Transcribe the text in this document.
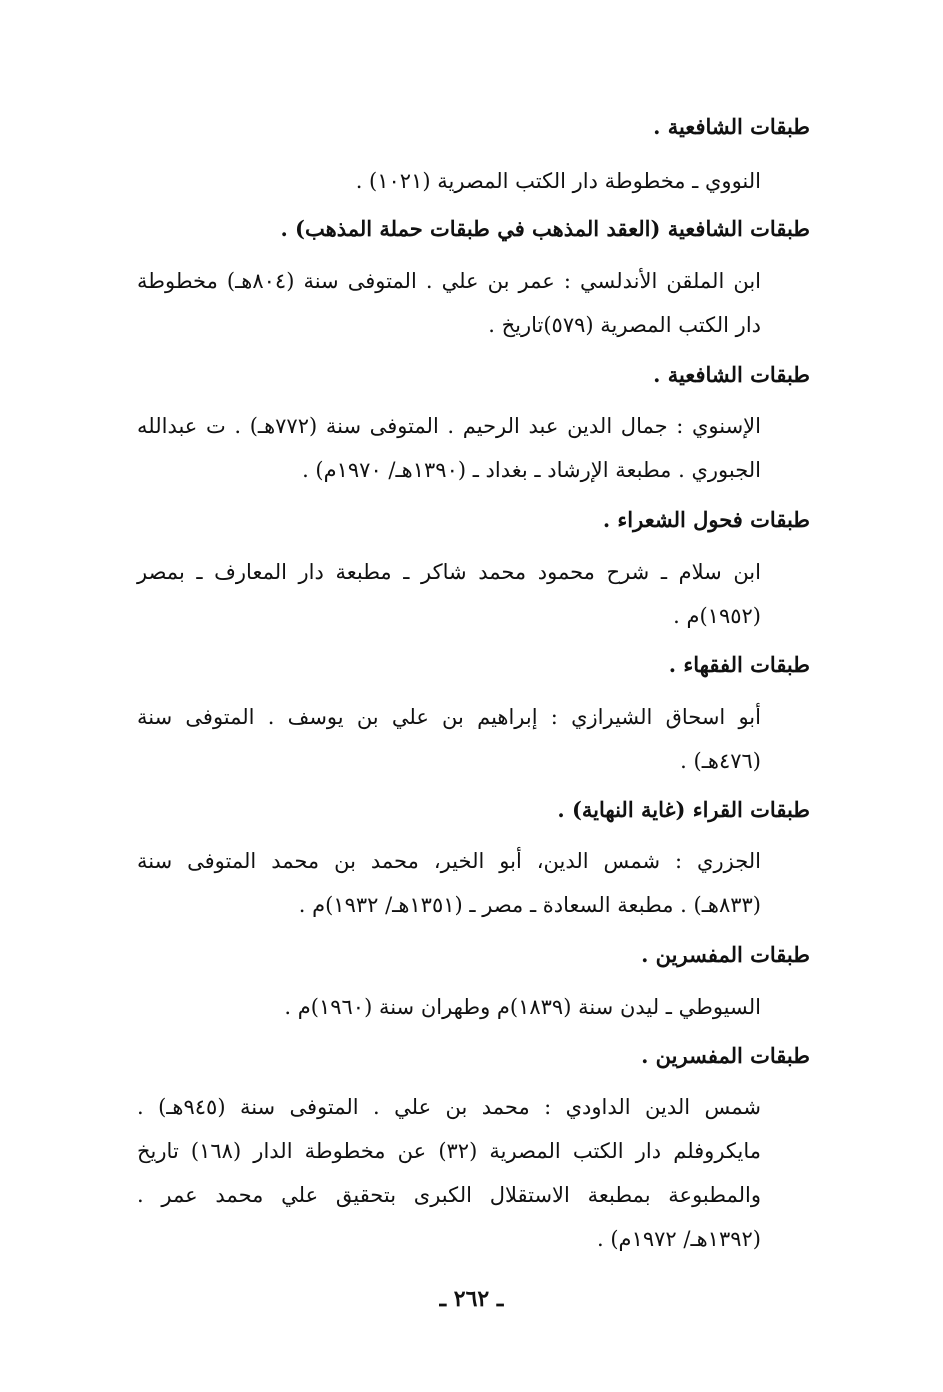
طبقات الشافعية .
النووي ـ مخطوطة دار الكتب المصرية (١٠٢١) .
طبقات الشافعية (العقد المذهب في طبقات حملة المذهب) .
ابن الملقن الأندلسي : عمر بن علي . المتوفى سنة (٨٠٤هـ) مخطوطة
دار الكتب المصرية (٥٧٩)تاريخ .
طبقات الشافعية .
الإسنوي : جمال الدين عبد الرحيم . المتوفى سنة (٧٧٢هـ) . ت عبدالله
الجبوري . مطبعة الإرشاد ـ بغداد ـ (١٣٩٠هـ/ ١٩٧٠م) .
طبقات فحول الشعراء .
ابن سلام ـ شرح محمود محمد شاكر ـ مطبعة دار المعارف ـ بمصر
(١٩٥٢)م .
طبقات الفقهاء .
أبو اسحاق الشيرازي : إبراهيم بن علي بن يوسف . المتوفى سنة
(٤٧٦هـ) .
طبقات القراء (غاية النهاية) .
الجزري : شمس الدين، أبو الخير، محمد بن محمد المتوفى سنة
(٨٣٣هـ) . مطبعة السعادة ـ مصر ـ (١٣٥١هـ/ ١٩٣٢)م .
طبقات المفسرين .
السيوطي ـ ليدن سنة (١٨٣٩)م وطهران سنة (١٩٦٠)م .
طبقات المفسرين .
شمس الدين الداودي : محمد بن علي . المتوفى سنة (٩٤٥هـ) .
مايكروفلم دار الكتب المصرية (٣٢) عن مخطوطة الدار (١٦٨) تاريخ
والمطبوعة بمطبعة الاستقلال الكبرى بتحقيق علي محمد عمر .
(١٣٩٢هـ/ ١٩٧٢م) .
ـ ٢٦٢ ـ
